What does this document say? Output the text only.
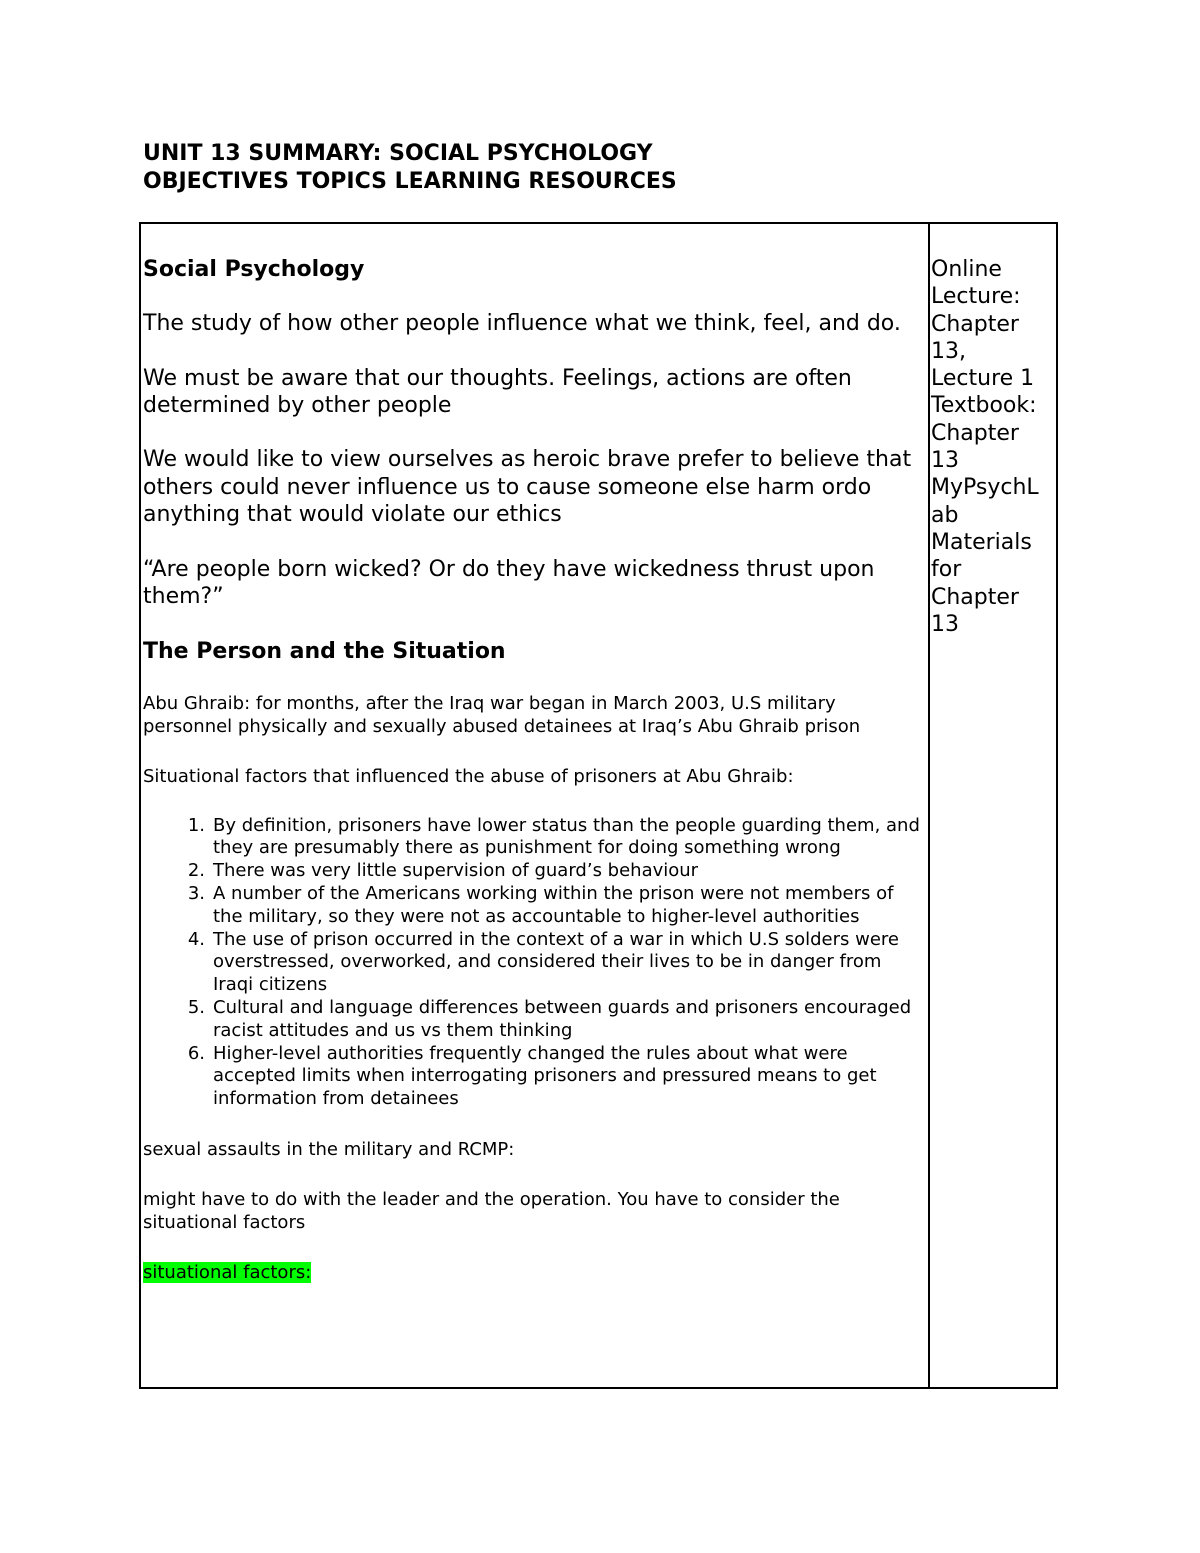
UNIT 13 SUMMARY: SOCIAL PSYCHOLOGY
OBJECTIVES TOPICS LEARNING RESOURCES
Social Psychology
The study of how other people influence what we think, feel, and do.
We must be aware that our thoughts. Feelings, actions are often determined by other people
We would like to view ourselves as heroic brave prefer to believe that others could never influence us to cause someone else harm ordo anything that would violate our ethics
“Are people born wicked? Or do they have wickedness thrust upon them?”
The Person and the Situation
Abu Ghraib: for months, after the Iraq war began in March 2003, U.S military personnel physically and sexually abused detainees at Iraq’s Abu Ghraib prison
Situational factors that influenced the abuse of prisoners at Abu Ghraib:
1. By definition, prisoners have lower status than the people guarding them, and they are presumably there as punishment for doing something wrong
2. There was very little supervision of guard’s behaviour
3. A number of the Americans working within the prison were not members of the military, so they were not as accountable to higher-level authorities
4. The use of prison occurred in the context of a war in which U.S solders were overstressed, overworked, and considered their lives to be in danger from Iraqi citizens
5. Cultural and language differences between guards and prisoners encouraged racist attitudes and us vs them thinking
6. Higher-level authorities frequently changed the rules about what were accepted limits when interrogating prisoners and pressured means to get information from detainees
sexual assaults in the military and RCMP:
might have to do with the leader and the operation. You have to consider the situational factors
situational factors:
Online
Lecture:
Chapter
13,
Lecture 1
Textbook:
Chapter
13
MyPsychL
ab
Materials
for
Chapter
13
